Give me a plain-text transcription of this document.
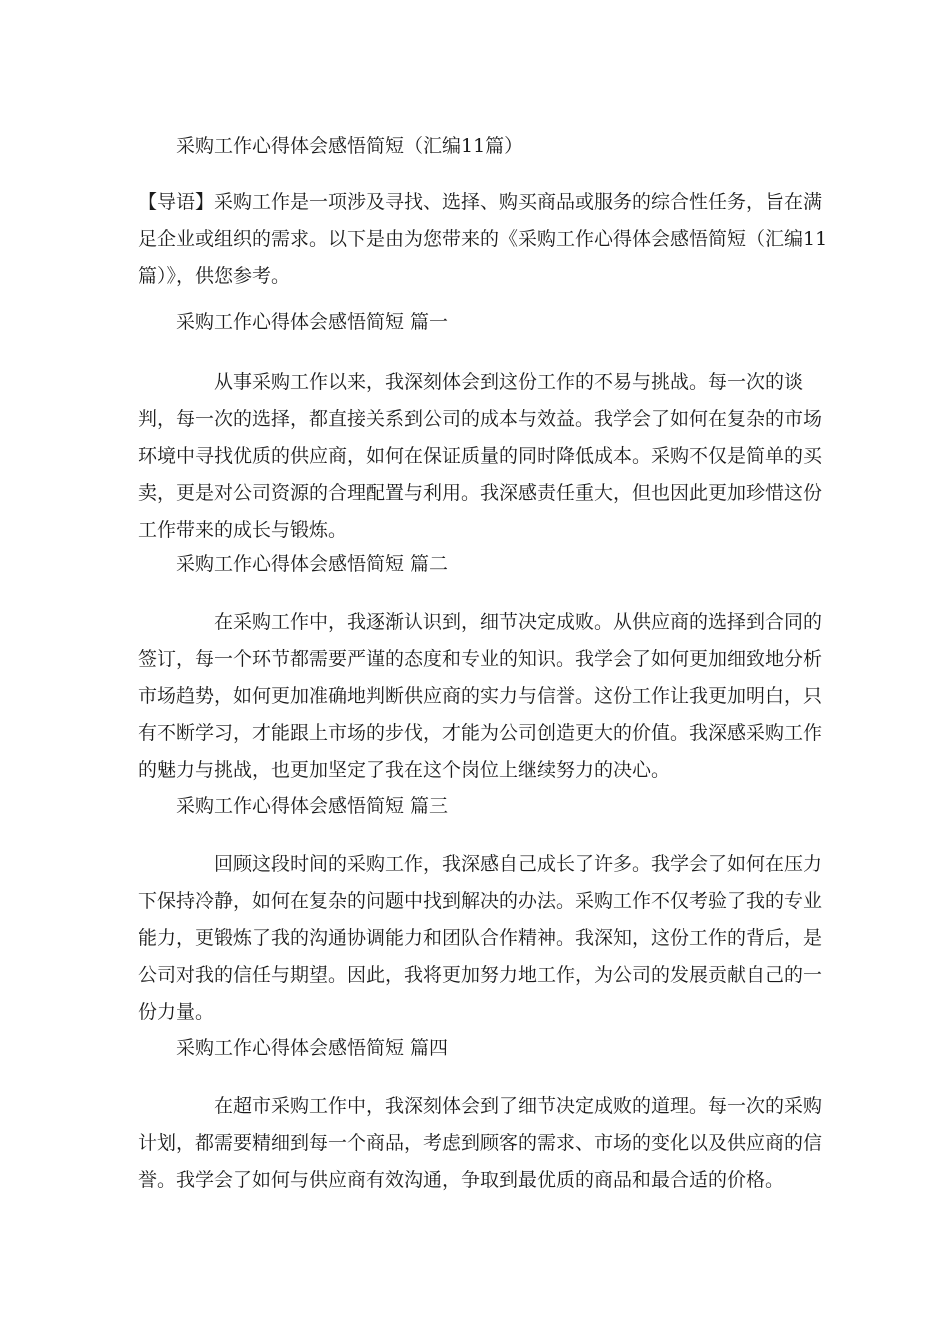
采购工作心得体会感悟简短（汇编11篇）
【导语】采购工作是一项涉及寻找、选择、购买商品或服务的综合性任务，旨在满足企业或组织的需求。以下是由为您带来的《采购工作心得体会感悟简短（汇编11篇）》，供您参考。
采购工作心得体会感悟简短 篇一
从事采购工作以来，我深刻体会到这份工作的不易与挑战。每一次的谈判，每一次的选择，都直接关系到公司的成本与效益。我学会了如何在复杂的市场环境中寻找优质的供应商，如何在保证质量的同时降低成本。采购不仅是简单的买卖，更是对公司资源的合理配置与利用。我深感责任重大，但也因此更加珍惜这份工作带来的成长与锻炼。
采购工作心得体会感悟简短 篇二
在采购工作中，我逐渐认识到，细节决定成败。从供应商的选择到合同的签订，每一个环节都需要严谨的态度和专业的知识。我学会了如何更加细致地分析市场趋势，如何更加准确地判断供应商的实力与信誉。这份工作让我更加明白，只有不断学习，才能跟上市场的步伐，才能为公司创造更大的价值。我深感采购工作的魅力与挑战，也更加坚定了我在这个岗位上继续努力的决心。
采购工作心得体会感悟简短 篇三
回顾这段时间的采购工作，我深感自己成长了许多。我学会了如何在压力下保持冷静，如何在复杂的问题中找到解决的办法。采购工作不仅考验了我的专业能力，更锻炼了我的沟通协调能力和团队合作精神。我深知，这份工作的背后，是公司对我的信任与期望。因此，我将更加努力地工作，为公司的发展贡献自己的一份力量。
采购工作心得体会感悟简短 篇四
在超市采购工作中，我深刻体会到了细节决定成败的道理。每一次的采购计划，都需要精细到每一个商品，考虑到顾客的需求、市场的变化以及供应商的信誉。我学会了如何与供应商有效沟通，争取到最优质的商品和最合适的价格。
